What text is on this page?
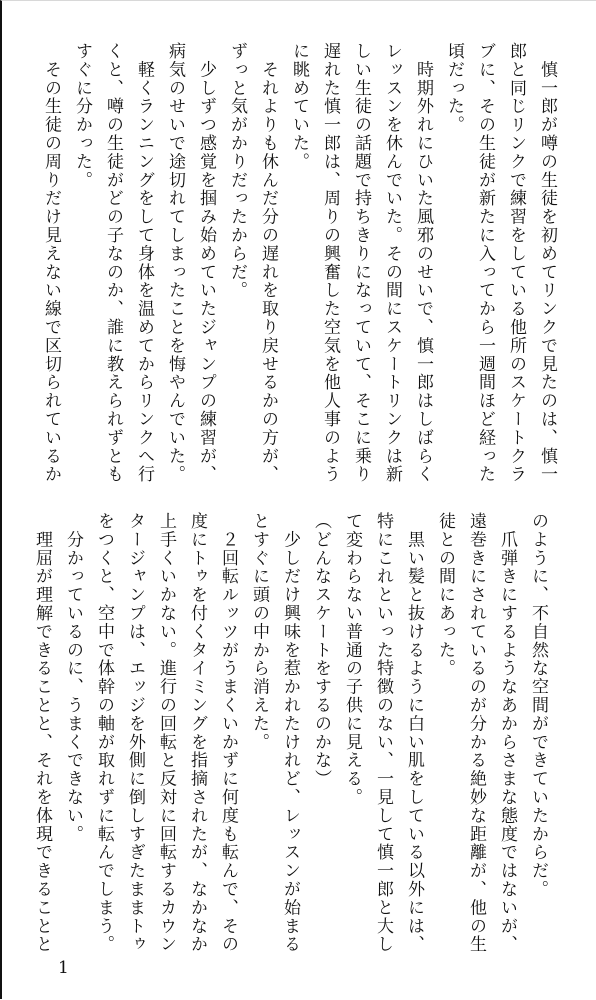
　慎一郎が噂の生徒を初めてリンクで見たのは、慎一
郎と同じリンクで練習をしている他所のスケートクラ
ブに、その生徒が新たに入ってから一週間ほど経った
頃だった。
　時期外れにひいた風邪のせいで、慎一郎はしばらく
レッスンを休んでいた。その間にスケートリンクは新
しい生徒の話題で持ちきりになっていて、そこに乗り
遅れた慎一郎は、周りの興奮した空気を他人事のよう
に眺めていた。
　それよりも休んだ分の遅れを取り戻せるかの方が、
ずっと気がかりだったからだ。
　少しずつ感覚を掴み始めていたジャンプの練習が、
病気のせいで途切れてしまったことを悔やんでいた。
　軽くランニングをして身体を温めてからリンクへ行
くと、噂の生徒がどの子なのか、誰に教えられずとも
すぐに分かった。
　その生徒の周りだけ見えない線で区切られているか
のように、不自然な空間ができていたからだ。
　爪弾きにするようなあからさまな態度ではないが、
遠巻きにされているのが分かる絶妙な距離が、他の生
徒との間にあった。
　黒い髪と抜けるように白い肌をしている以外には、
特にこれといった特徴のない、一見して慎一郎と大し
て変わらない普通の子供に見える。
（どんなスケートをするのかな）
　少しだけ興味を惹かれたけれど、レッスンが始まる
とすぐに頭の中から消えた。
　２回転ルッツがうまくいかずに何度も転んで、その
度にトゥを付くタイミングを指摘されたが、なかなか
上手くいかない。進行の回転と反対に回転するカウン
タージャンプは、エッジを外側に倒しすぎたままトゥ
をつくと、空中で体幹の軸が取れずに転んでしまう。
　分かっているのに、うまくできない。
　理屈が理解できることと、それを体現できることと
1
